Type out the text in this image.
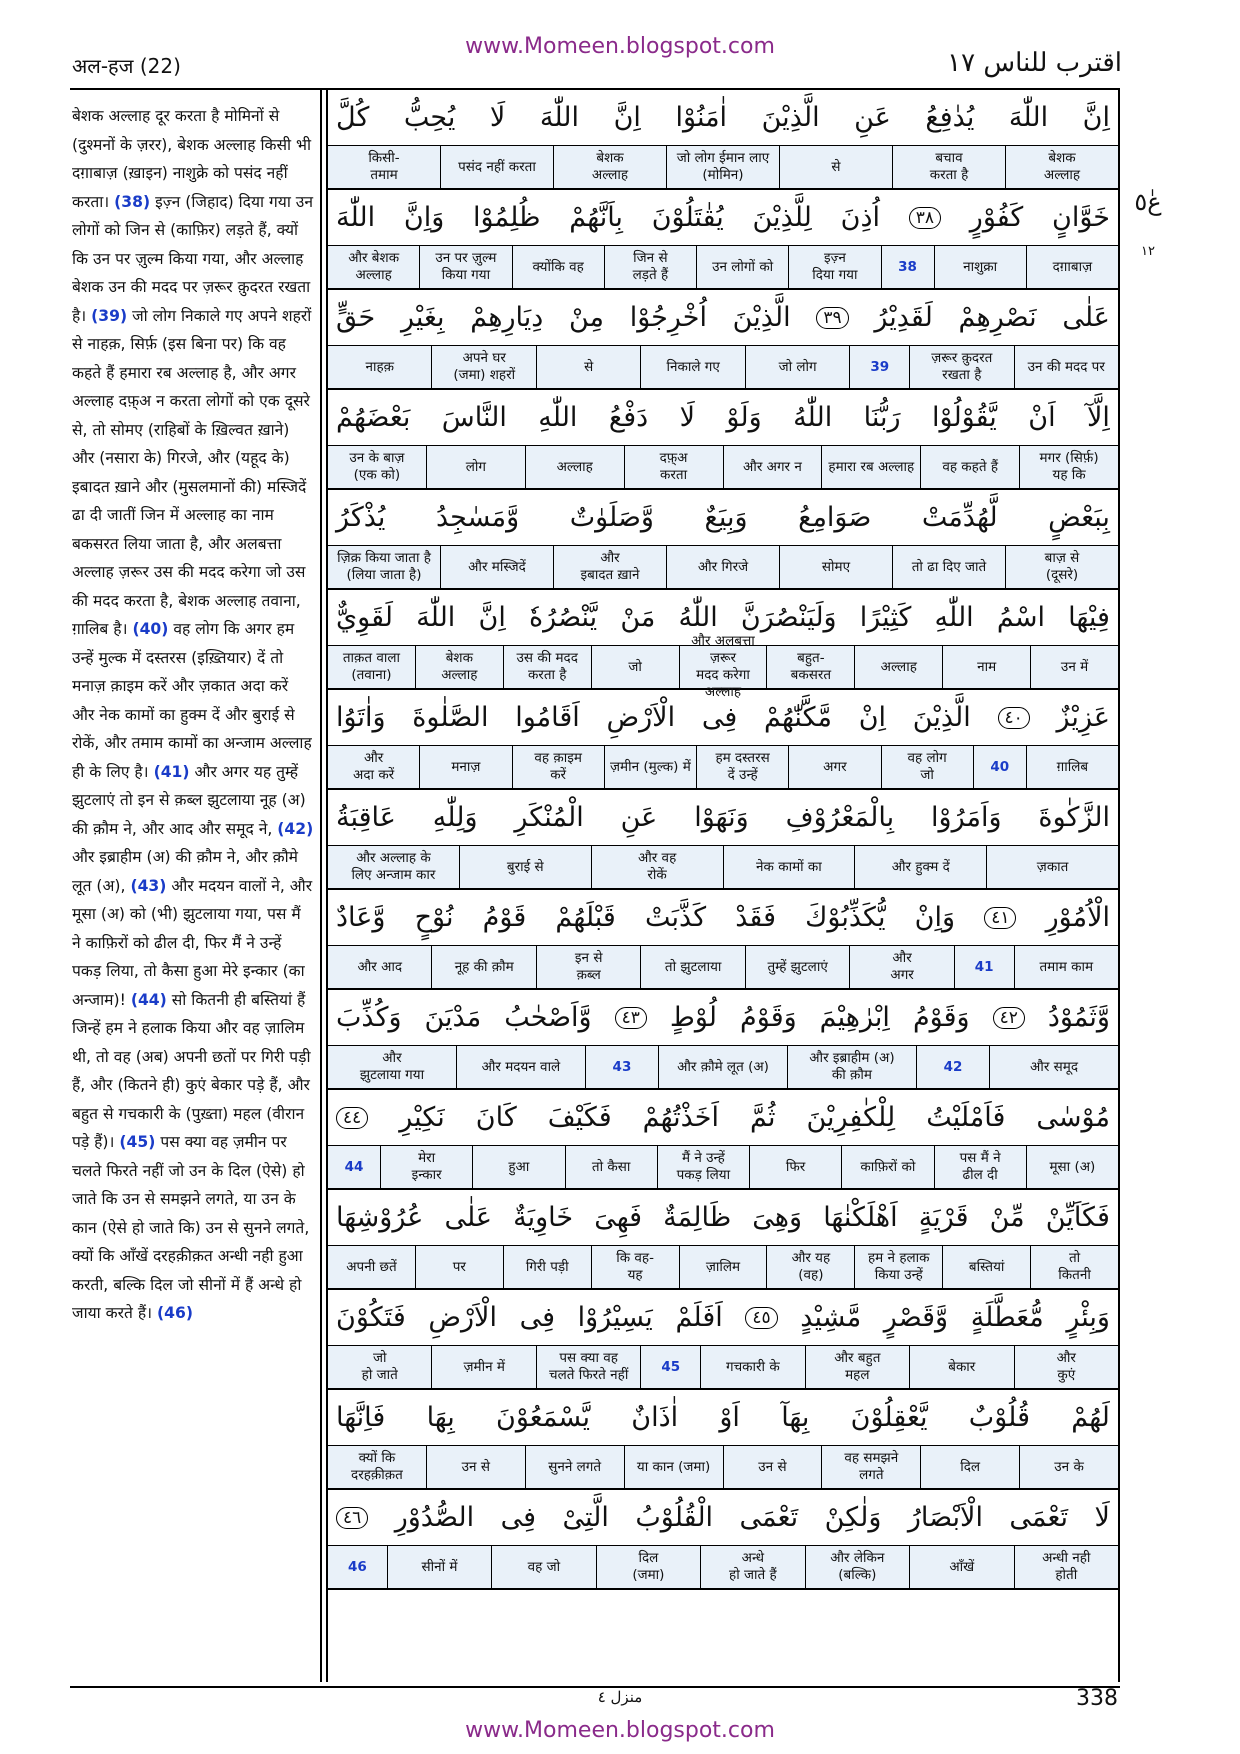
www.Momeen.blogspot.com
अल-हज (22)	اقترب للناس ١٧
बेशक अल्लाह दूर करता है मोमिनों से (दुश्मनों के ज़रर), बेशक अल्लाह किसी भी दग़ाबाज़ (ख़ाइन) नाशुक्रे को पसंद नहीं करता। (38) इज़्न (जिहाद) दिया गया उन लोगों को जिन से (काफ़िर) लड़ते हैं, क्यों कि उन पर ज़ुल्म किया गया, और अल्लाह बेशक उन की मदद पर ज़रूर क़ुदरत रखता है। (39) जो लोग निकाले गए अपने शहरों से नाहक़, सिर्फ़ (इस बिना पर) कि वह कहते हैं हमारा रब अल्लाह है, और अगर अल्लाह दफ़्अ न करता लोगों को एक दूसरे से, तो सोमए (राहिबों के ख़िल्वत ख़ाने) और (नसारा के) गिरजे, और (यहूद के) इबादत ख़ाने और (मुसलमानों की) मस्जिदें ढा दी जातीं जिन में अल्लाह का नाम बकसरत लिया जाता है, और अलबत्ता अल्लाह ज़रूर उस की मदद करेगा जो उस की मदद करता है, बेशक अल्लाह तवाना, ग़ालिब है। (40) वह लोग कि अगर हम उन्हें मुल्क में दस्तरस (इख़्तियार) दें तो मनाज़ क़ाइम करें और ज़कात अदा करें और नेक कामों का हुक्म दें और बुराई से रोकें, और तमाम कामों का अन्जाम अल्लाह ही के लिए है। (41) और अगर यह तुम्हें झुटलाएं तो इन से क़ब्ल झुटलाया नूह (अ) की क़ौम ने, और आद और समूद ने, (42) और इब्राहीम (अ) की क़ौम ने, और क़ौमे लूत (अ), (43) और मदयन वालों ने, और मूसा (अ) को (भी) झुटलाया गया, पस मैं ने काफ़िरों को ढील दी, फिर मैं ने उन्हें पकड़ लिया, तो कैसा हुआ मेरे इन्कार (का अन्जाम)! (44) सो कितनी ही बस्तियां हैं जिन्हें हम ने हलाक किया और वह ज़ालिम थी, तो वह (अब) अपनी छतों पर गिरी पड़ी हैं, और (कितने ही) कुएं बेकार पड़े हैं, और बहुत से गचकारी के (पुख़्ता) महल (वीरान पड़े हैं)। (45) पस क्या वह ज़मीन पर चलते फिरते नहीं जो उन के दिल (ऐसे) हो जाते कि उन से समझने लगते, या उन के कान (ऐसे हो जाते कि) उन से सुनने लगते, क्यों कि आँखें दरहक़ीक़त अन्धी नही हुआ करती, बल्कि दिल जो सीनों में हैं अन्धे हो जाया करते हैं। (46)
اِنَّ
اللّٰهَ
يُدٰفِعُ
عَنِ
الَّذِيْنَ
اٰمَنُوْا
اِنَّ
اللّٰهَ
لَا
يُحِبُّ
كُلَّ
बेशक
अल्लाह
बचाव
करता है
से
जो लोग ईमान लाए
(मोमिन)
बेशक
अल्लाह
पसंद नहीं करता
किसी-
तमाम
خَوَّانٍ
كَفُوْرٍ
٣٨
اُذِنَ
لِلَّذِيْنَ
يُقٰتَلُوْنَ
بِاَنَّهُمْ
ظُلِمُوْا
وَاِنَّ
اللّٰهَ
दग़ाबाज़
नाशुक्रा
38
इज़्न
दिया गया
उन लोगों को
जिन से
लड़ते हैं
क्योंकि वह
उन पर ज़ुल्म
किया गया
और बेशक
अल्लाह
عَلٰى
نَصْرِهِمْ
لَقَدِيْرُ
٣٩
الَّذِيْنَ
اُخْرِجُوْا
مِنْ
دِيَارِهِمْ
بِغَيْرِ
حَقٍّ
उन की मदद पर
ज़रूर क़ुदरत
रखता है
39
जो लोग
निकाले गए
से
अपने घर
(जमा) शहरों
नाहक़
اِلَّآ
اَنْ
يَّقُوْلُوْا
رَبُّنَا
اللّٰهُ
وَلَوْ
لَا
دَفْعُ
اللّٰهِ
النَّاسَ
بَعْضَهُمْ
मगर (सिर्फ़)
यह कि
वह कहते हैं
हमारा रब अल्लाह
और अगर न
दफ़्अ
करता
अल्लाह
लोग
उन के बाज़
(एक को)
بِبَعْضٍ
لَّهُدِّمَتْ
صَوَامِعُ
وَبِيَعٌ
وَّصَلَوٰتٌ
وَّمَسٰجِدُ
يُذْكَرُ
बाज़ से
(दूसरे)
तो ढा दिए जाते
सोमए
और गिरजे
और
इबादत ख़ाने
और मस्जिदें
ज़िक्र किया जाता है
(लिया जाता है)
فِيْهَا
اسْمُ
اللّٰهِ
كَثِيْرًا
وَلَيَنْصُرَنَّ
اللّٰهُ
مَنْ
يَّنْصُرُهٗ
اِنَّ
اللّٰهَ
لَقَوِيٌّ
उन में
नाम
अल्लाह
बहुत-
बकसरत
और अलबत्ता ज़रूर
मदद करेगा अल्लाह
जो
उस की मदद
करता है
बेशक
अल्लाह
ताक़त वाला
(तवाना)
عَزِيْزٌ
٤٠
الَّذِيْنَ
اِنْ
مَّكَّنّٰهُمْ
فِى
الْاَرْضِ
اَقَامُوا
الصَّلٰوةَ
وَاٰتَوُا
ग़ालिब
40
वह लोग
जो
अगर
हम दस्तरस
दें उन्हें
ज़मीन (मुल्क) में
वह क़ाइम
करें
मनाज़
और
अदा करें
الزَّكٰوةَ
وَاَمَرُوْا
بِالْمَعْرُوْفِ
وَنَهَوْا
عَنِ
الْمُنْكَرِ
وَلِلّٰهِ
عَاقِبَةُ
ज़कात
और हुक्म दें
नेक कामों का
और वह
रोकें
बुराई से
और अल्लाह के
लिए अन्जाम कार
الْاُمُوْرِ
٤١
وَاِنْ
يُّكَذِّبُوْكَ
فَقَدْ
كَذَّبَتْ
قَبْلَهُمْ
قَوْمُ
نُوْحٍ
وَّعَادٌ
तमाम काम
41
और
अगर
तुम्हें झुटलाएं
तो झुटलाया
इन से
क़ब्ल
नूह की क़ौम
और आद
وَّثَمُوْدُ
٤٢
وَقَوْمُ
اِبْرٰهِيْمَ
وَقَوْمُ
لُوْطٍ
٤٣
وَّاَصْحٰبُ
مَدْيَنَ
وَكُذِّبَ
और समूद
42
और इब्राहीम (अ)
की क़ौम
और क़ौमे लूत (अ)
43
और मदयन वाले
और
झुटलाया गया
مُوْسٰى
فَاَمْلَيْتُ
لِلْكٰفِرِيْنَ
ثُمَّ
اَخَذْتُهُمْ
فَكَيْفَ
كَانَ
نَكِيْرِ
٤٤
मूसा (अ)
पस मैं ने
ढील दी
काफ़िरों को
फिर
मैं ने उन्हें
पकड़ लिया
तो कैसा
हुआ
मेरा
इन्कार
44
فَكَاَيِّنْ
مِّنْ
قَرْيَةٍ
اَهْلَكْنٰهَا
وَهِىَ
ظَالِمَةٌ
فَهِىَ
خَاوِيَةٌ
عَلٰى
عُرُوْشِهَا
तो
कितनी
बस्तियां
हम ने हलाक
किया उन्हें
और यह
(वह)
ज़ालिम
कि वह-
यह
गिरी पड़ी
पर
अपनी छतें
وَبِئْرٍ
مُّعَطَّلَةٍ
وَّقَصْرٍ
مَّشِيْدٍ
٤٥
اَفَلَمْ
يَسِيْرُوْا
فِى
الْاَرْضِ
فَتَكُوْنَ
और
कुएं
बेकार
और बहुत
महल
गचकारी के
45
पस क्या वह
चलते फिरते नहीं
ज़मीन में
जो
हो जाते
لَهُمْ
قُلُوْبٌ
يَّعْقِلُوْنَ
بِهَآ
اَوْ
اٰذَانٌ
يَّسْمَعُوْنَ
بِهَا
فَاِنَّهَا
उन के
दिल
वह समझने
लगते
उन से
या कान (जमा)
सुनने लगते
उन से
क्यों कि
दरहक़ीक़त
لَا
تَعْمَى
الْاَبْصَارُ
وَلٰكِنْ
تَعْمَى
الْقُلُوْبُ
الَّتِىْ
فِى
الصُّدُوْرِ
٤٦
अन्धी नही
होती
आँखें
और लेकिन
(बल्कि)
अन्धे
हो जाते हैं
दिल
(जमा)
वह जो
सीनों में
46
عٰ٥
١٢
منزل ٤	338
www.Momeen.blogspot.com
